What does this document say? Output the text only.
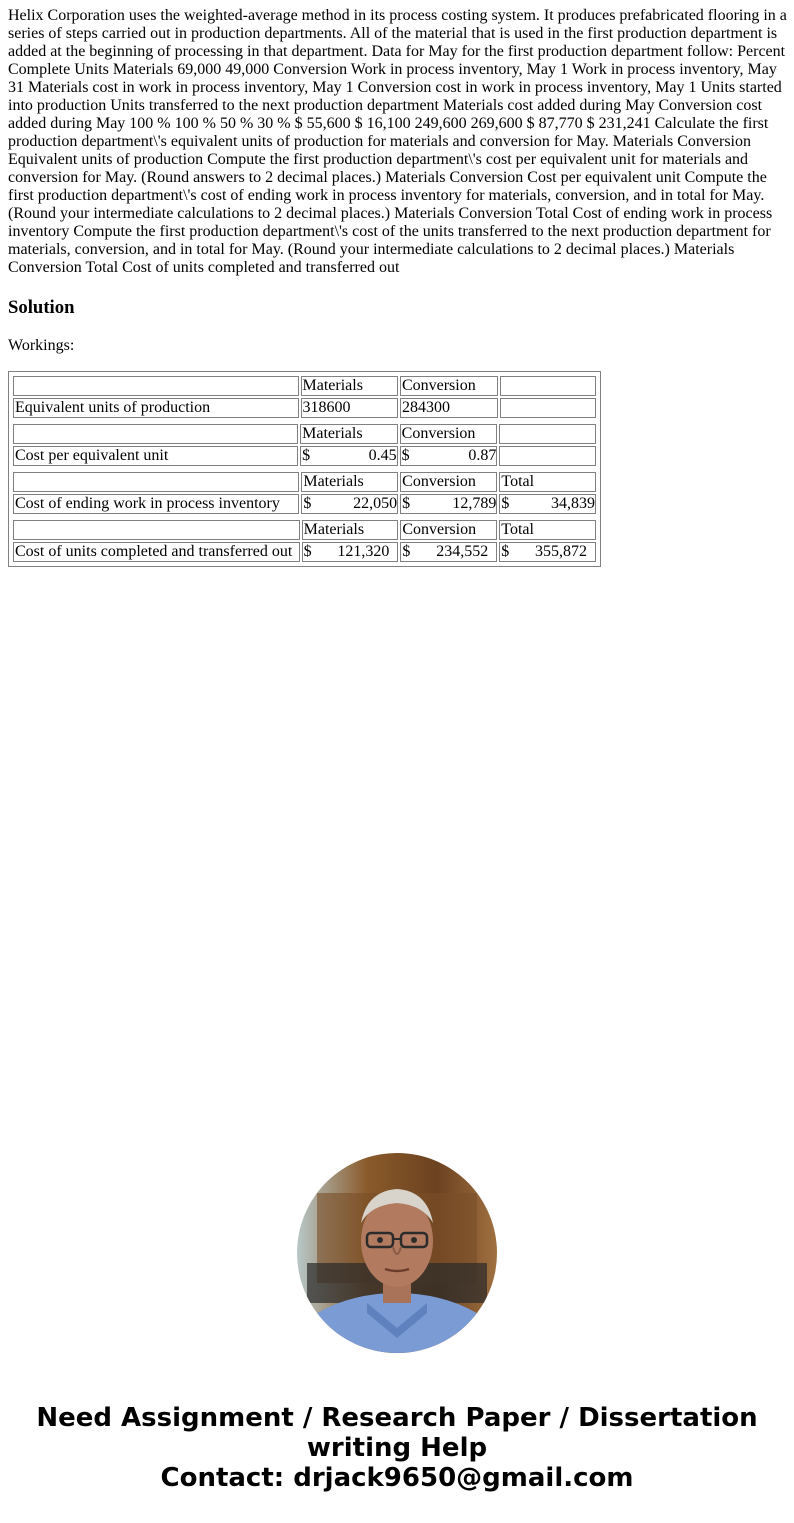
Helix Corporation uses the weighted-average method in its process costing system. It produces prefabricated flooring in a series of steps carried out in production departments. All of the material that is used in the first production department is added at the beginning of processing in that department. Data for May for the first production department follow: Percent Complete Units Materials 69,000 49,000 Conversion Work in process inventory, May 1 Work in process inventory, May 31 Materials cost in work in process inventory, May 1 Conversion cost in work in process inventory, May 1 Units started into production Units transferred to the next production department Materials cost added during May Conversion cost added during May 100 % 100 % 50 % 30 % $ 55,600 $ 16,100 249,600 269,600 $ 87,770 $ 231,241 Calculate the first production department\'s equivalent units of production for materials and conversion for May. Materials Conversion Equivalent units of production Compute the first production department\'s cost per equivalent unit for materials and conversion for May. (Round answers to 2 decimal places.) Materials Conversion Cost per equivalent unit Compute the first production department\'s cost of ending work in process inventory for materials, conversion, and in total for May. (Round your intermediate calculations to 2 decimal places.) Materials Conversion Total Cost of ending work in process inventory Compute the first production department\'s cost of the units transferred to the next production department for materials, conversion, and in total for May. (Round your intermediate calculations to 2 decimal places.) Materials Conversion Total Cost of units completed and transferred out

Solution

Workings:

	Materials	Conversion	
Equivalent units of production	318600	284300	

	Materials	Conversion	
Cost per equivalent unit	$	0.45	$	0.87

	Materials	Conversion	Total
Cost of ending work in process inventory	$	22,050	$	12,789	$	34,839

	Materials	Conversion	Total
Cost of units completed and transferred out	$ 121,320	$ 234,552	$ 355,872

Need Assignment / Research Paper / Dissertation
writing Help
Contact: drjack9650@gmail.com
